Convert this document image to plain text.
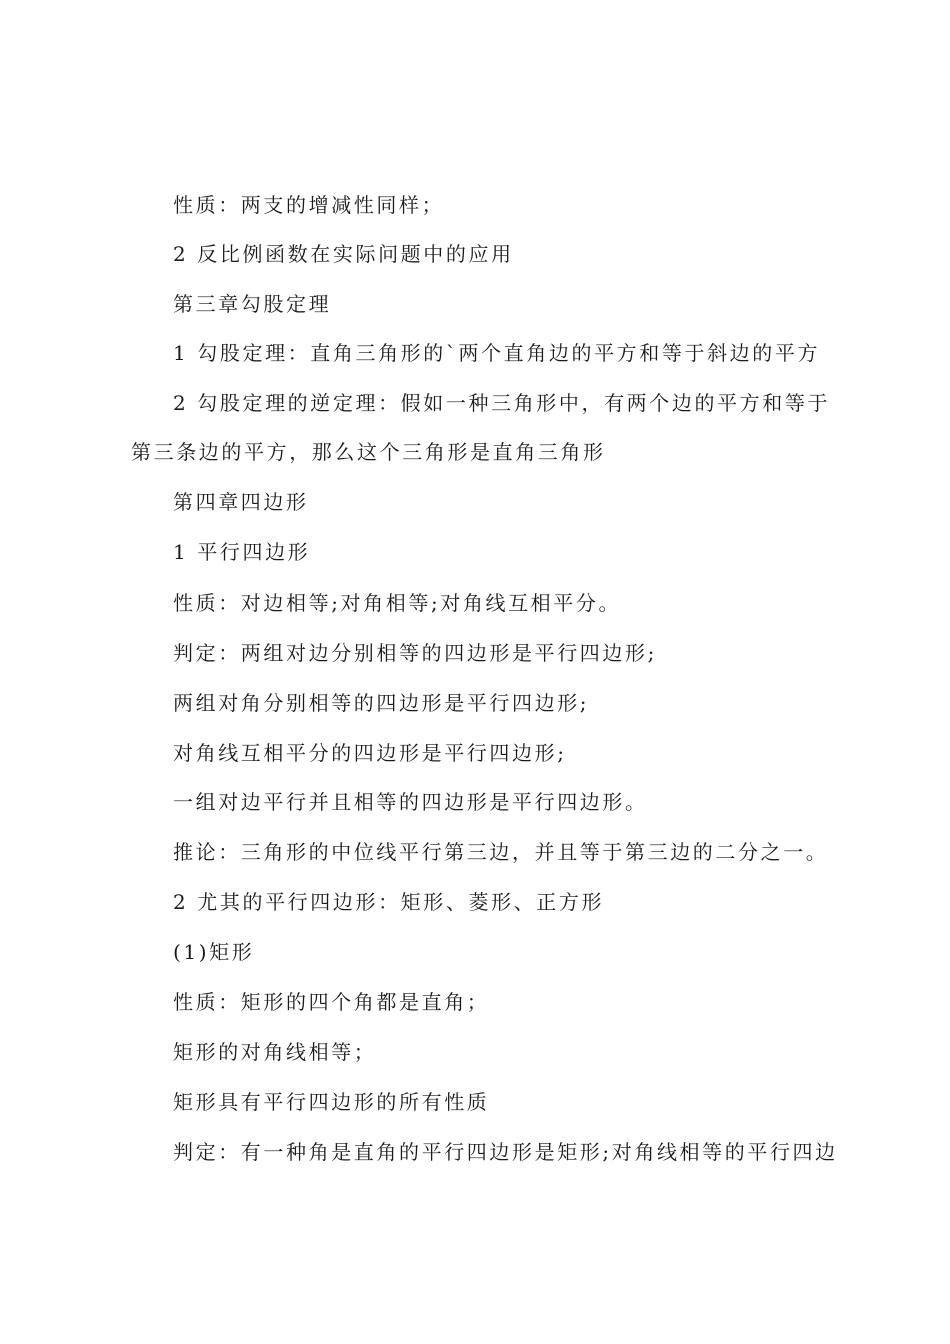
性质：两支的增减性同样；

2 反比例函数在实际问题中的应用

第三章勾股定理

1 勾股定理：直角三角形的`两个直角边的平方和等于斜边的平方

2 勾股定理的逆定理：假如一种三角形中，有两个边的平方和等于

第三条边的平方，那么这个三角形是直角三角形

第四章四边形

1 平行四边形

性质：对边相等;对角相等;对角线互相平分。

判定：两组对边分别相等的四边形是平行四边形;

两组对角分别相等的四边形是平行四边形;

对角线互相平分的四边形是平行四边形;

一组对边平行并且相等的四边形是平行四边形。

推论：三角形的中位线平行第三边，并且等于第三边的二分之一。

2 尤其的平行四边形：矩形、菱形、正方形

(1)矩形

性质：矩形的四个角都是直角；

矩形的对角线相等；

矩形具有平行四边形的所有性质

判定：有一种角是直角的平行四边形是矩形;对角线相等的平行四边
